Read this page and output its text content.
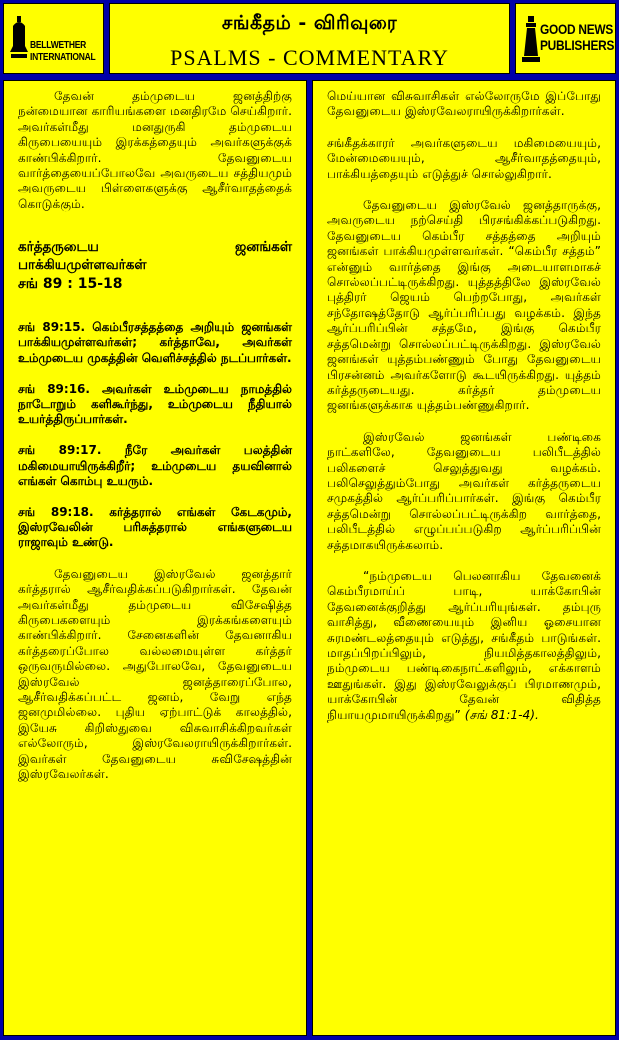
BELLWETHER
INTERNATIONAL
சங்கீதம் - விரிவுரை
PSALMS - COMMENTARY
GOOD NEWS
PUBLISHERS

தேவன் தம்முடைய ஜனத்திற்கு நன்மையான காரியங்களை மனதிரமே செய்கிறார். அவர்கள்மீது மனதுருகி தம்முடைய கிருபையையும் இரக்கத்தையும் அவர்களுக்குக் காண்பிக்கிறார். தேவனுடைய வார்த்தையைப்போலவே அவருடைய சத்தியமும் அவருடைய பிள்ளைகளுக்கு ஆசீர்வாதத்தைக் கொடுக்கும்.

கர்த்தருடைய ஜனங்கள் பாக்கியமுள்ளவர்கள்
சங் 89 : 15-18

சங் 89:15. கெம்பீரசத்தத்தை அறியும் ஜனங்கள் பாக்கியமுள்ளவர்கள்; கர்த்தாவே, அவர்கள் உம்முடைய முகத்தின் வெளிச்சத்தில் நடப்பார்கள்.

சங் 89:16. அவர்கள் உம்முடைய நாமத்தில் நாடோறும் களிகூர்ந்து, உம்முடைய நீதியால் உயர்த்திருப்பார்கள்.

சங் 89:17. நீரே அவர்கள் பலத்தின் மகிமையாயிருக்கிறீர்; உம்முடைய தயவினால் எங்கள் கொம்பு உயரும்.

சங் 89:18. கர்த்தரால் எங்கள் கேடகமும், இஸ்ரவேலின் பரிசுத்தரால் எங்களுடைய ராஜாவும் உண்டு.

தேவனுடைய இஸ்ரவேல் ஜனத்தார் கர்த்தரால் ஆசீர்வதிக்கப்படுகிறார்கள். தேவன் அவர்கள்மீது தம்முடைய விசேஷித்த கிருபைகளையும் இரக்கங்களையும் காண்பிக்கிறார். சேனைகளின் தேவனாகிய கர்த்தரைப்போல வல்லமையுள்ள கர்த்தர் ஒருவருமில்லை. அதுபோலவே, தேவனுடைய இஸ்ரவேல் ஜனத்தாரைப்போல, ஆசீர்வதிக்கப்பட்ட ஜனம், வேறு எந்த ஜனமுமில்லை. புதிய ஏற்பாட்டுக் காலத்தில், இயேசு கிறிஸ்துவை விசுவாசிக்கிறவர்கள் எல்லோரும், இஸ்ரவேலராயிருக்கிறார்கள். இவர்கள் தேவனுடைய சுவிசேஷத்தின் இஸ்ரவேலர்கள்.

மெய்யான விசுவாசிகள் எல்லோருமே இப்போது தேவனுடைய இஸ்ரவேலராயிருக்கிறார்கள்.

சங்கீதக்காரர் அவர்களுடைய மகிமையையும், மேன்மையையும், ஆசீர்வாதத்தையும், பாக்கியத்தையும் எடுத்துச் சொல்லுகிறார்.

தேவனுடைய இஸ்ரவேல் ஜனத்தாருக்கு, அவருடைய நற்செய்தி பிரசங்கிக்கப்படுகிறது. தேவனுடைய கெம்பீர சத்தத்தை அறியும் ஜனங்கள் பாக்கியமுள்ளவர்கள். “கெம்பீர சத்தம்” என்னும் வார்த்தை இங்கு அடையாளமாகச் சொல்லப்பட்டிருக்கிறது. யுத்தத்திலே இஸ்ரவேல் புத்திரர் ஜெயம் பெற்றபோது, அவர்கள் சந்தோஷத்தோடு ஆர்ப்பரிப்பது வழக்கம். இந்த ஆர்ப்பரிப்பின் சத்தமே, இங்கு கெம்பீர சத்தமென்று சொல்லப்பட்டிருக்கிறது. இஸ்ரவேல் ஜனங்கள் யுத்தம்பண்ணும் போது தேவனுடைய பிரசன்னம் அவர்களோடு கூடயிருக்கிறது. யுத்தம் கர்த்தருடையது. கர்த்தர் தம்முடைய ஜனங்களுக்காக யுத்தம்பண்ணுகிறார்.

இஸ்ரவேல் ஜனங்கள் பண்டிகை நாட்களிலே, தேவனுடைய பலிபீடத்தில் பலிகளைச் செலுத்துவது வழக்கம். பலிசெலுத்தும்போது அவர்கள் கர்த்தருடைய சமுகத்தில் ஆர்ப்பரிப்பார்கள். இங்கு கெம்பீர சத்தமென்று சொல்லப்பட்டிருக்கிற வார்த்தை, பலிபீடத்தில் எழுப்பப்படுகிற ஆர்ப்பரிப்பின் சத்தமாகயிருக்கலாம்.

“நம்முடைய பெலனாகிய தேவனைக் கெம்பீரமாய்ப் பாடி, யாக்கோபின் தேவனைக்குறித்து ஆர்ப்பரியுங்கள். தம்புரு வாசித்து, வீணையையும் இனிய ஓசையான சுரமண்டலத்தையும் எடுத்து, சங்கீதம் பாடுங்கள். மாதப்பிறப்பிலும், நியமித்தகாலத்திலும், நம்முடைய பண்டிகைநாட்களிலும், எக்காளம் ஊதுங்கள். இது இஸ்ரவேலுக்குப் பிரமாணமும், யாக்கோபின் தேவன் விதித்த நியாயமுமாயிருக்கிறது” (சங் 81:1-4).
